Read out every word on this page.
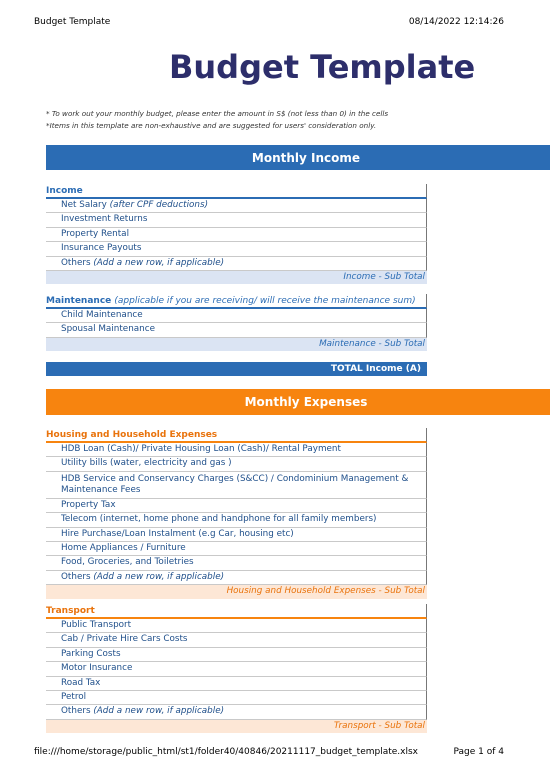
Budget Template	08/14/2022 12:14:26
Budget Template
* To work out your monthly budget, please enter the amount in S$ (not less than 0) in the cells
*Items in this template are non-exhaustive and are suggested for users' consideration only.
Monthly Income
Income
Net Salary (after CPF deductions)
Investment Returns
Property Rental
Insurance Payouts
Others (Add a new row, if applicable)
Income - Sub Total
Maintenance (applicable if you are receiving/ will receive the maintenance sum)
Child Maintenance
Spousal Maintenance
Maintenance - Sub Total
TOTAL Income (A)
Monthly Expenses
Housing and Household Expenses
HDB Loan (Cash)/ Private Housing Loan (Cash)/ Rental Payment
Utility bills (water, electricity and gas )
HDB Service and Conservancy Charges (S&CC) / Condominium Management & Maintenance Fees
Property Tax
Telecom (internet, home phone and handphone for all family members)
Hire Purchase/Loan Instalment (e.g Car, housing etc)
Home Appliances / Furniture
Food, Groceries, and Toiletries
Others (Add a new row, if applicable)
Housing and Household Expenses - Sub Total
Transport
Public Transport
Cab / Private Hire Cars Costs
Parking Costs
Motor Insurance
Road Tax
Petrol
Others (Add a new row, if applicable)
Transport - Sub Total
file:///home/storage/public_html/st1/folder40/40846/20211117_budget_template.xlsx	Page 1 of 4
